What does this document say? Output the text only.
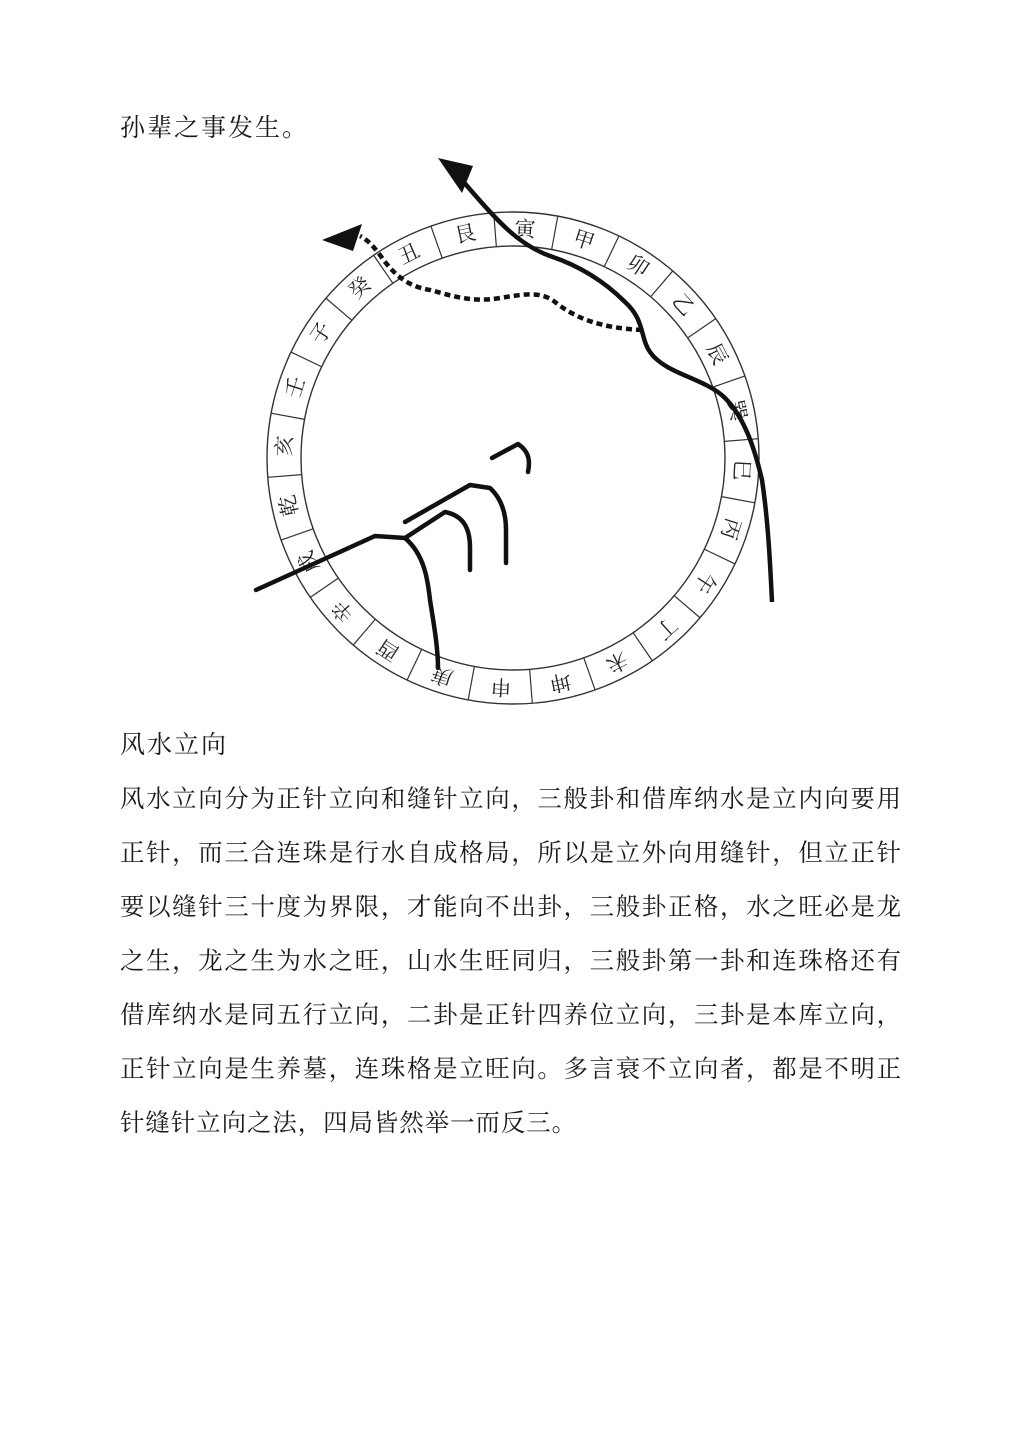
孙辈之事发生。

寅 甲
卯
乙
辰
巽
巳
丙
午
丁
未
坤
申
庚
酉
辛
戌
乾
亥
壬
子
癸
丑
艮
风水立向

风水立向分为正针立向和缝针立向，三般卦和借库纳水是立内向要用正针，而三合连珠是行水自成格局，所以是立外向用缝针，但立正针要以缝针三十度为界限，才能向不出卦，三般卦正格，水之旺必是龙之生，龙之生为水之旺，山水生旺同归，三般卦第一卦和连珠格还有借库纳水是同五行立向，二卦是正针四养位立向，三卦是本库立向，正针立向是生养墓，连珠格是立旺向。多言衰不立向者，都是不明正针缝针立向之法，四局皆然举一而反三。
